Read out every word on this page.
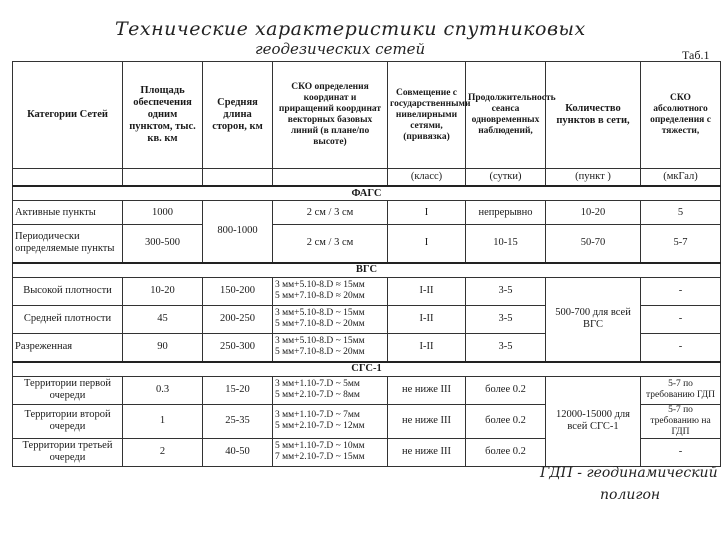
Технические характеристики спутниковых
геодезических сетей	Таб.1
Категории Сетей	Площадь обеспечения одним пунктом, тыс. кв. км	Средняя длина сторон, км	СКО определения координат и приращений координат векторных базовых линий (в плане/по высоте)	Совмещение с государственными нивелирными сетями, (привязка)	Продолжительность сеанса одновременных наблюдений,	Количество пунктов в сети,	СКО абсолютного определения с тяжести,
				(класс)	(сутки)	(пункт )	(мкГал)
ФАГС							
Активные пункты	1000	800-1000	2 см / 3 см	I	непрерывно	10-20	5
Периодически определяемые пункты	300-500		2 см / 3 см	I	10-15	50-70	5-7
ВГС							
Высокой плотности	10-20	150-200	3 мм+5.10-8.D ≈ 15мм
5 мм+7.10-8.D ≈ 20мм	I-II	3-5	500-700 для всей ВГС	-
Средней плотности	45	200-250	3 мм+5.10-8.D ~ 15мм
5 мм+7.10-8.D ~ 20мм	I-II	3-5		-
Разреженная	90	250-300	3 мм+5.10-8.D ~ 15мм
5 мм+7.10-8.D ~ 20мм	I-II	3-5		-
СГС-1							
Территории первой очереди	0.3	15-20	3 мм+1.10-7.D ~ 5мм
5 мм+2.10-7.D ~ 8мм	не ниже III	более 0.2	12000-15000 для всей СГС-1	5-7 по требованию ГДП
Территории второй очереди	1	25-35	3 мм+1.10-7.D ~ 7мм
5 мм+2.10-7.D ~ 12мм	не ниже III	более 0.2		5-7 по требованию на ГДП
Территории третьей очереди	2	40-50	5 мм+1.10-7.D ~ 10мм
7 мм+2.10-7.D ~ 15мм	не ниже III	более 0.2		-
ГДП - геодинамический
полигон
